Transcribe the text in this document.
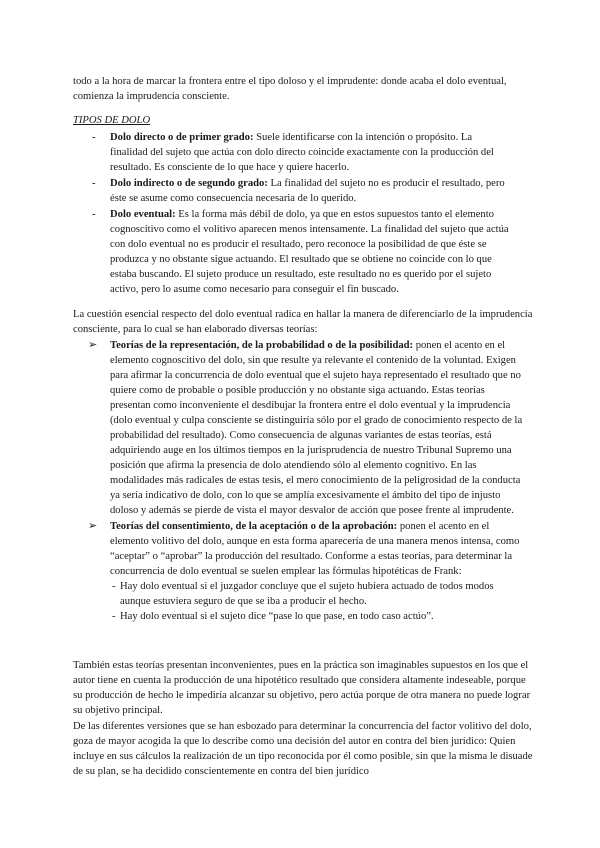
todo a la hora de marcar la frontera entre el tipo doloso y el imprudente: donde acaba el dolo eventual, comienza la imprudencia consciente.

TIPOS DE DOLO

- Dolo directo o de primer grado: Suele identificarse con la intención o propósito. La finalidad del sujeto que actúa con dolo directo coincide exactamente con la producción del resultado. Es consciente de lo que hace y quiere hacerlo.
- Dolo indirecto o de segundo grado: La finalidad del sujeto no es producir el resultado, pero éste se asume como consecuencia necesaria de lo querido.
- Dolo eventual: Es la forma más débil de dolo, ya que en estos supuestos tanto el elemento cognoscitivo como el volitivo aparecen menos intensamente. La finalidad del sujeto que actúa con dolo eventual no es producir el resultado, pero reconoce la posibilidad de que éste se produzca y no obstante sigue actuando. El resultado que se obtiene no coincide con lo que estaba buscando. El sujeto produce un resultado, este resultado no es querido por el sujeto activo, pero lo asume como necesario para conseguir el fin buscado.

La cuestión esencial respecto del dolo eventual radica en hallar la manera de diferenciarlo de la imprudencia consciente, para lo cual se han elaborado diversas teorías:

➢ Teorías de la representación, de la probabilidad o de la posibilidad: ponen el acento en el elemento cognoscitivo del dolo, sin que resulte ya relevante el contenido de la voluntad. Exigen para afirmar la concurrencia de dolo eventual que el sujeto haya representado el resultado que no quiere como de probable o posible producción y no obstante siga actuando. Estas teorías presentan como inconveniente el desdibujar la frontera entre el dolo eventual y la imprudencia (dolo eventual y culpa consciente se distinguiría sólo por el grado de conocimiento respecto de la probabilidad del resultado). Como consecuencia de algunas variantes de estas teorías, está adquiriendo auge en los últimos tiempos en la jurisprudencia de nuestro Tribunal Supremo una posición que afirma la presencia de dolo atendiendo sólo al elemento cognitivo. En las modalidades más radicales de estas tesis, el mero conocimiento de la peligrosidad de la conducta ya sería indicativo de dolo, con lo que se amplía excesivamente el ámbito del tipo de injusto doloso y además se pierde de vista el mayor desvalor de acción que posee frente al imprudente.
➢ Teorías del consentimiento, de la aceptación o de la aprobación: ponen el acento en el elemento volitivo del dolo, aunque en esta forma aparecería de una manera menos intensa, como “aceptar” o “aprobar” la producción del resultado. Conforme a estas teorías, para determinar la concurrencia de dolo eventual se suelen emplear las fórmulas hipotéticas de Frank:
- Hay dolo eventual si el juzgador concluye que el sujeto hubiera actuado de todos modos aunque estuviera seguro de que se iba a producir el hecho.
- Hay dolo eventual si el sujeto dice “pase lo que pase, en todo caso actúo”.

También estas teorías presentan inconvenientes, pues en la práctica son imaginables supuestos en los que el autor tiene en cuenta la producción de una hipotético resultado que considera altamente indeseable, porque su producción de hecho le impediría alcanzar su objetivo, pero actúa porque de otra manera no puede lograr su objetivo principal.

De las diferentes versiones que se han esbozado para determinar la concurrencia del factor volitivo del dolo, goza de mayor acogida la que lo describe como una decisión del autor en contra del bien jurídico: Quien incluye en sus cálculos la realización de un tipo reconocida por él como posible, sin que la misma le disuade de su plan, se ha decidido conscientemente en contra del bien jurídico
